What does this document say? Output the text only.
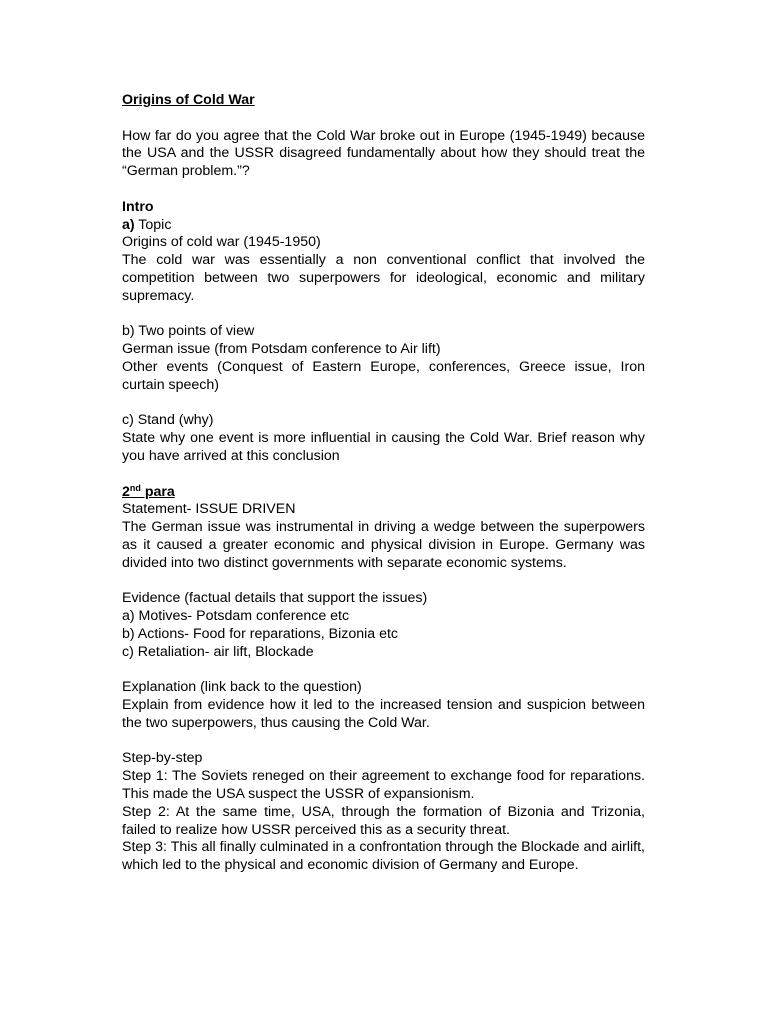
Origins of Cold War

How far do you agree that the Cold War broke out in Europe (1945-1949) because the USA and the USSR disagreed fundamentally about how they should treat the “German problem.”?

Intro

a) Topic

Origins of cold war (1945-1950)

The cold war was essentially a non conventional conflict that involved the competition between two superpowers for ideological, economic and military supremacy.

b) Two points of view

German issue (from Potsdam conference to Air lift)

Other events (Conquest of Eastern Europe, conferences, Greece issue, Iron curtain speech)

c) Stand (why)

State why one event is more influential in causing the Cold War. Brief reason why you have arrived at this conclusion

2nd para

Statement- ISSUE DRIVEN

The German issue was instrumental in driving a wedge between the superpowers as it caused a greater economic and physical division in Europe. Germany was divided into two distinct governments with separate economic systems.

Evidence (factual details that support the issues)

a) Motives- Potsdam conference etc

b) Actions- Food for reparations, Bizonia etc

c) Retaliation- air lift, Blockade

Explanation (link back to the question)

Explain from evidence how it led to the increased tension and suspicion between the two superpowers, thus causing the Cold War.

Step-by-step

Step 1: The Soviets reneged on their agreement to exchange food for reparations. This made the USA suspect the USSR of expansionism.

Step 2: At the same time, USA, through the formation of Bizonia and Trizonia, failed to realize how USSR perceived this as a security threat.

Step 3: This all finally culminated in a confrontation through the Blockade and airlift, which led to the physical and economic division of Germany and Europe.
